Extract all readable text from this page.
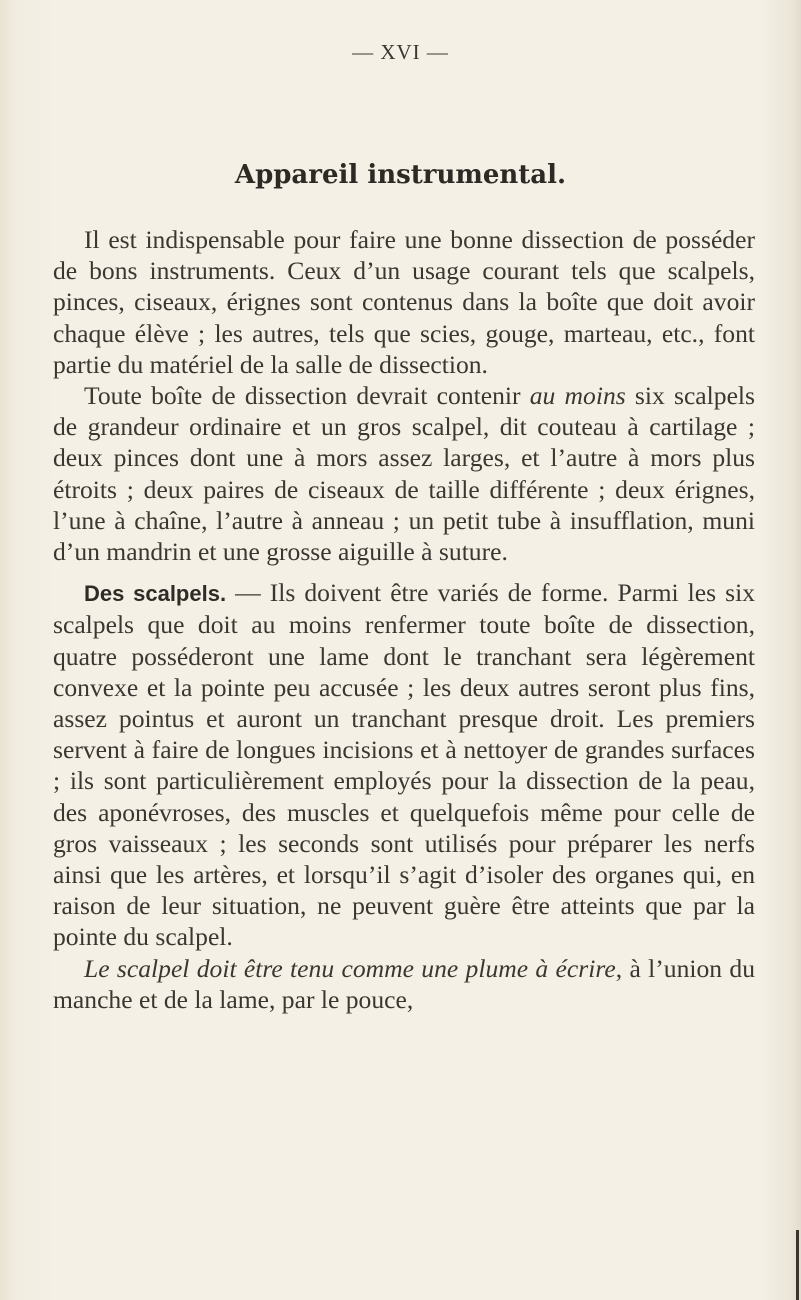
— XVI —
Appareil instrumental.

Il est indispensable pour faire une bonne dissection de posséder de bons instruments. Ceux d’un usage courant tels que scalpels, pinces, ciseaux, érignes sont contenus dans la boîte que doit avoir chaque élève ; les autres, tels que scies, gouge, marteau, etc., font partie du matériel de la salle de dissection.

Toute boîte de dissection devrait contenir au moins six scalpels de grandeur ordinaire et un gros scalpel, dit couteau à cartilage ; deux pinces dont une à mors assez larges, et l’autre à mors plus étroits ; deux paires de ciseaux de taille différente ; deux érignes, l’une à chaîne, l’autre à anneau ; un petit tube à insufflation, muni d’un mandrin et une grosse aiguille à suture.

Des scalpels. — Ils doivent être variés de forme. Parmi les six scalpels que doit au moins renfermer toute boîte de dissection, quatre posséderont une lame dont le tranchant sera légèrement convexe et la pointe peu accusée ; les deux autres seront plus fins, assez pointus et auront un tranchant presque droit. Les premiers servent à faire de longues incisions et à nettoyer de grandes surfaces ; ils sont particulièrement employés pour la dissection de la peau, des aponévroses, des muscles et quelquefois même pour celle de gros vaisseaux ; les seconds sont utilisés pour préparer les nerfs ainsi que les artères, et lorsqu’il s’agit d’isoler des organes qui, en raison de leur situation, ne peuvent guère être atteints que par la pointe du scalpel.

Le scalpel doit être tenu comme une plume à écrire, à l’union du manche et de la lame, par le pouce,
